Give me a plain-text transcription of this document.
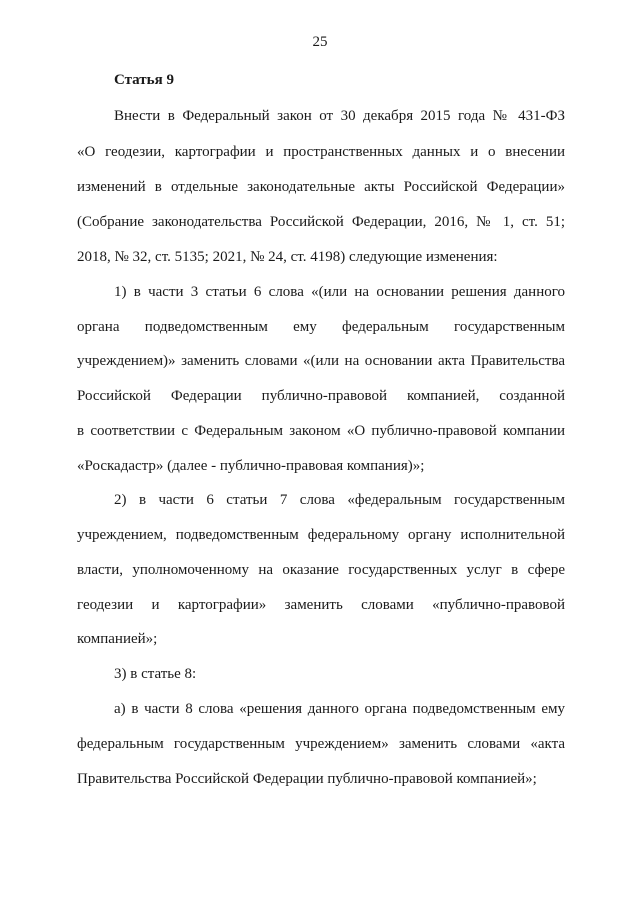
25
Статья 9
Внести в Федеральный закон от 30 декабря 2015 года № 431-ФЗ
«О геодезии, картографии и пространственных данных и о внесении
изменений в отдельные законодательные акты Российской Федерации»
(Собрание законодательства Российской Федерации, 2016, № 1, ст. 51;
2018, № 32, ст. 5135; 2021, № 24, ст. 4198) следующие изменения:
1) в части 3 статьи 6 слова «(или на основании решения данного
органа подведомственным ему федеральным государственным
учреждением)» заменить словами «(или на основании акта Правительства
Российской Федерации публично-правовой компанией, созданной
в соответствии с Федеральным законом «О публично-правовой компании
«Роскадастр» (далее - публично-правовая компания)»;
2) в части 6 статьи 7 слова «федеральным государственным
учреждением, подведомственным федеральному органу исполнительной
власти, уполномоченному на оказание государственных услуг в сфере
геодезии и картографии» заменить словами «публично-правовой
компанией»;
3) в статье 8:
а) в части 8 слова «решения данного органа подведомственным ему
федеральным государственным учреждением» заменить словами «акта
Правительства Российской Федерации публично-правовой компанией»;
